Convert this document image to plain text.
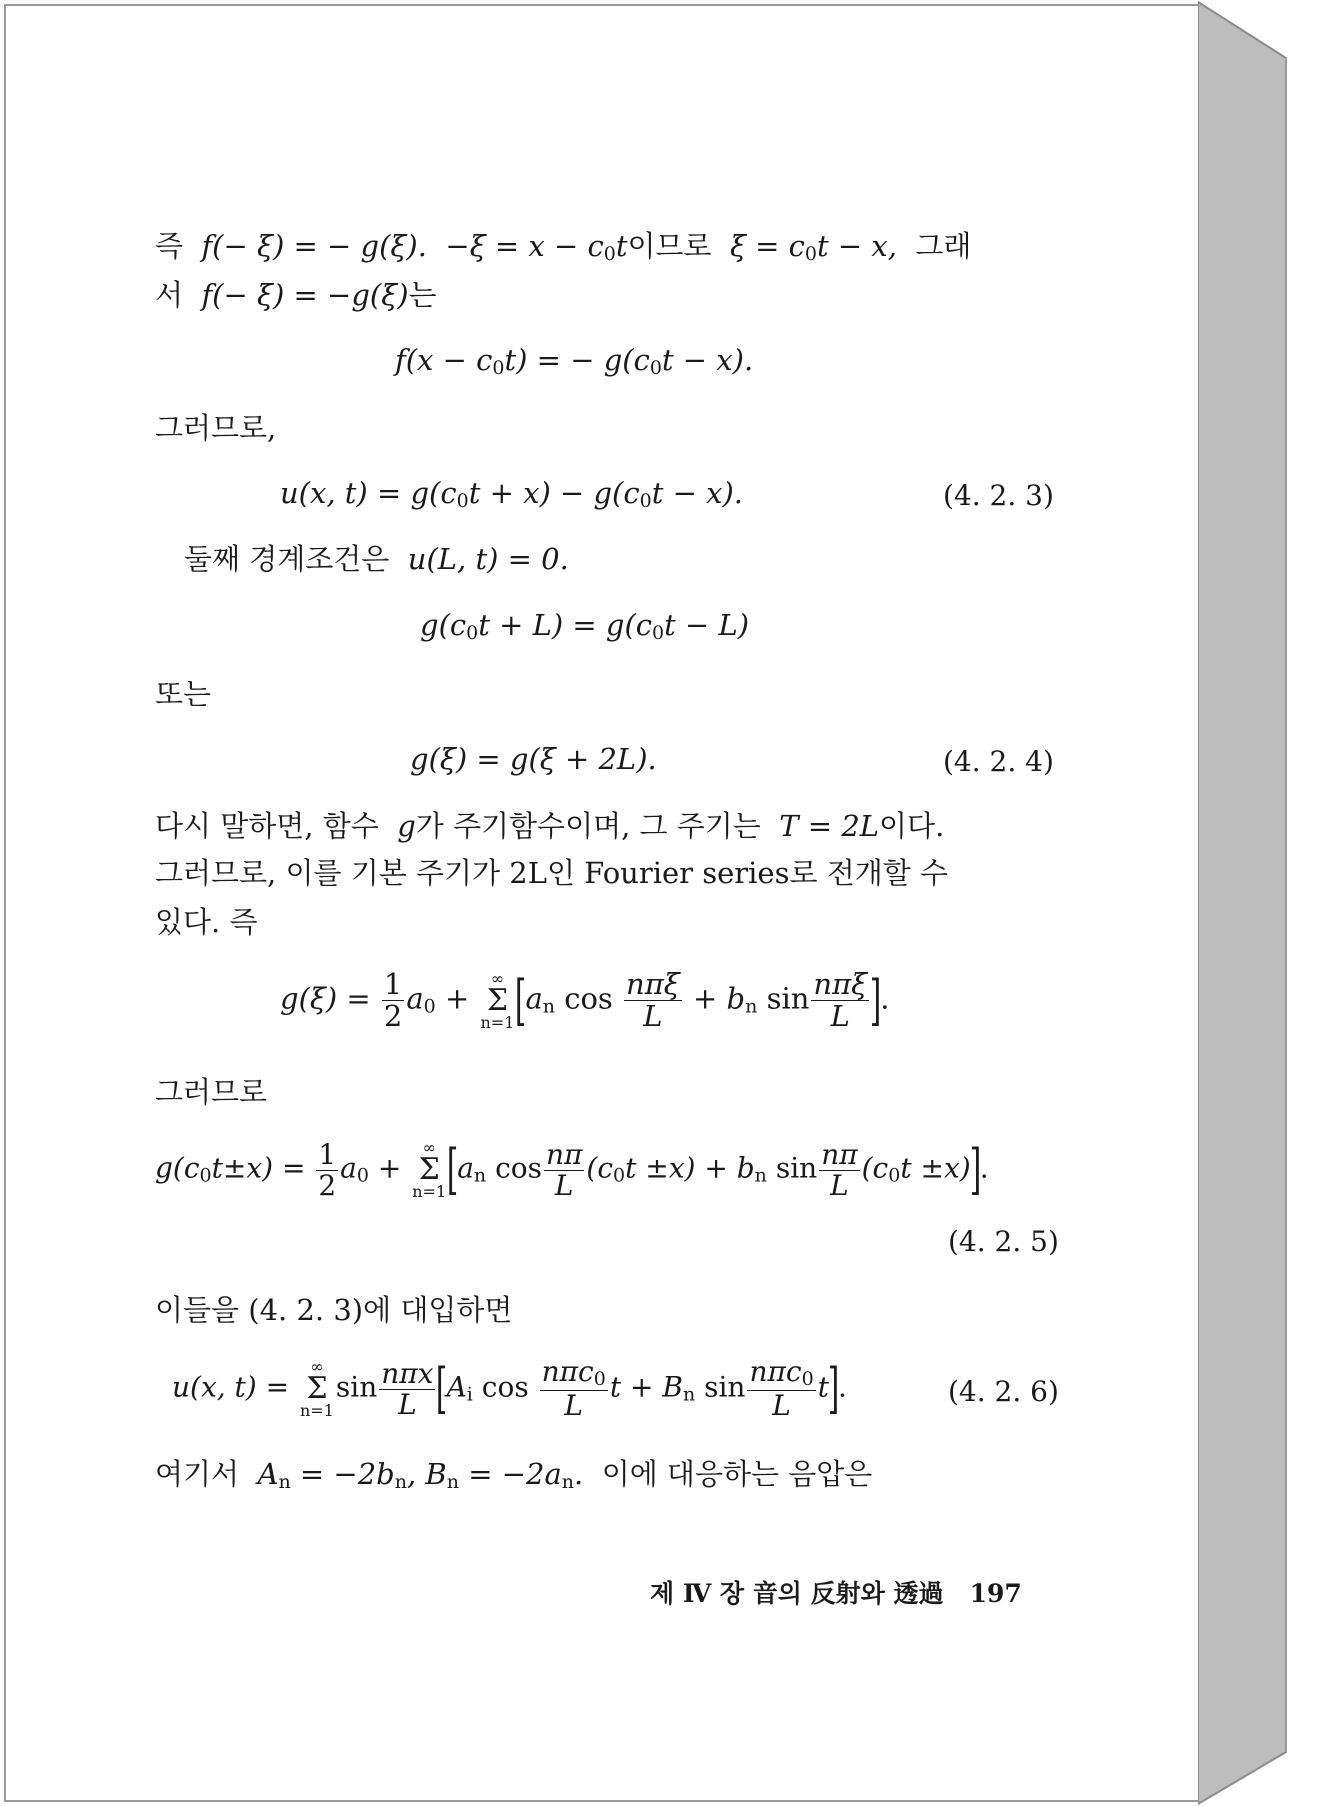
즉 f(− ξ) = − g(ξ). $-\xi = x - c_0t$이므로 $\xi = c_0t - x$, 그래
서 f(− ξ) = −g(ξ)는
$f(x - c_0t)$ = − $g(c_0t - x)$.
그러므로,
u(x, $t) = g(c_0t + x) - g(c_0t - x)$.	(4. 2. 3)
둘째 경계조건은 u(L, t) = 0.
$g(c_0t + L) = g(c_0t - L)$
또는
g(ξ) = g(ξ + 2L).	(4. 2. 4)
다시 말하면, 함수 g가 주기함수이며, 그 주기는 T = 2L이다.
그러므로, 이를 기본 주기가 2L인 Fourier series로 전개할 수
있다. 즉
$g(\xi) = \frac{1}{2} a_0$ +
∞
Σ
n=1 [$a_n$ $\cos \frac{\text{nπξ}}{L} + b_n$ $\sin \frac{\text{nπξ}}{L}$ ].
그러므로
$g(c_0t\pm x) = \frac{1}{2} a_0$ +
∞
Σ
n=1 [$a_n$ $\cos \frac{n\pi}{L} (c_0t \pm x) + b_n$ $\sin \frac{n\pi}{L} (c_0t \pm x)$].
(4. 2. 5)
이들을 (4. 2. 3)에 대입하면
u(x, t) =
∞
Σ
n=1
$\sin \frac{\text{nπx}}{L} [A_i$ $\cos \frac{n\pi c_0}{L}$ $t + B_n$ $\sin \frac{n\pi c_0}{L} t$].	(4. 2. 6)
여기서 $A_n = -2b_n$, $B_n = -2a_n$. 이에 대응하는 음압은
제 Ⅳ 장 音의 反射와 透過 197
